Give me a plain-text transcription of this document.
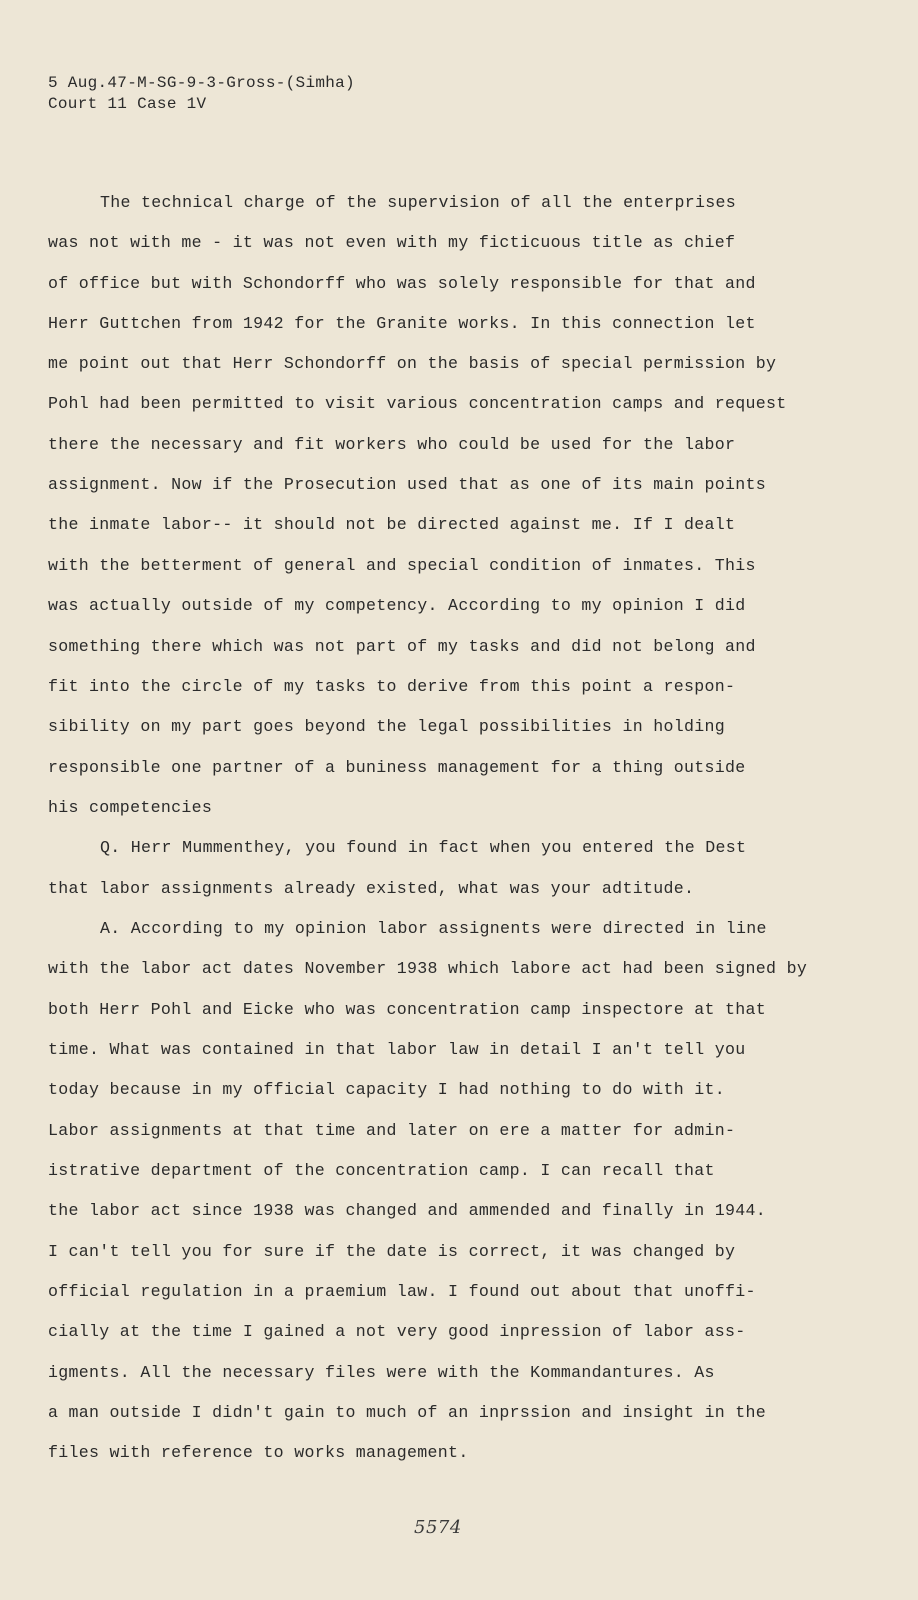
5 Aug.47-M-SG-9-3-Gross-(Simha)
Court 11 Case 1V
The technical charge of the supervision of all the enterprises
was not with me - it was not even with my ficticuous title as chief
of office but with Schondorff who was solely responsible for that and
Herr Guttchen from 1942 for the Granite works. In this connection let
me point out that Herr Schondorff on the basis of special permission by
Pohl had been permitted to visit various concentration camps and request
there the necessary and fit workers who could be used for the labor
assignment. Now if the Prosecution used that as one of its main points
the inmate labor-- it should not be directed against me. If I dealt
with the betterment of general and special condition of inmates. This
was actually outside of my competency. According to my opinion I did
something there which was not part of my tasks and did not belong and
fit into the circle of my tasks to derive from this point a respon-
sibility on my part goes beyond the legal possibilities in holding
responsible one partner of a buniness management for a thing outside
his competencies
Q. Herr Mummenthey, you found in fact when you entered the Dest
that labor assignments already existed, what was your adtitude.
A. According to my opinion labor assignents were directed in line
with the labor act dates November 1938 which labore act had been signed by
both Herr Pohl and Eicke who was concentration camp inspectore at that
time. What was contained in that labor law in detail I an't tell you
today because in my official capacity I had nothing to do with it.
Labor assignments at that time and later on ere a matter for admin-
istrative department of the concentration camp. I can recall that
the labor act since 1938 was changed and ammended and finally in 1944.
I can't tell you for sure if the date is correct, it was changed by
official regulation in a praemium law. I found out about that unoffi-
cially at the time I gained a not very good inpression of labor ass-
igments. All the necessary files were with the Kommandantures. As
a man outside I didn't gain to much of an inprssion and insight in the
files with reference to works management.
5574
